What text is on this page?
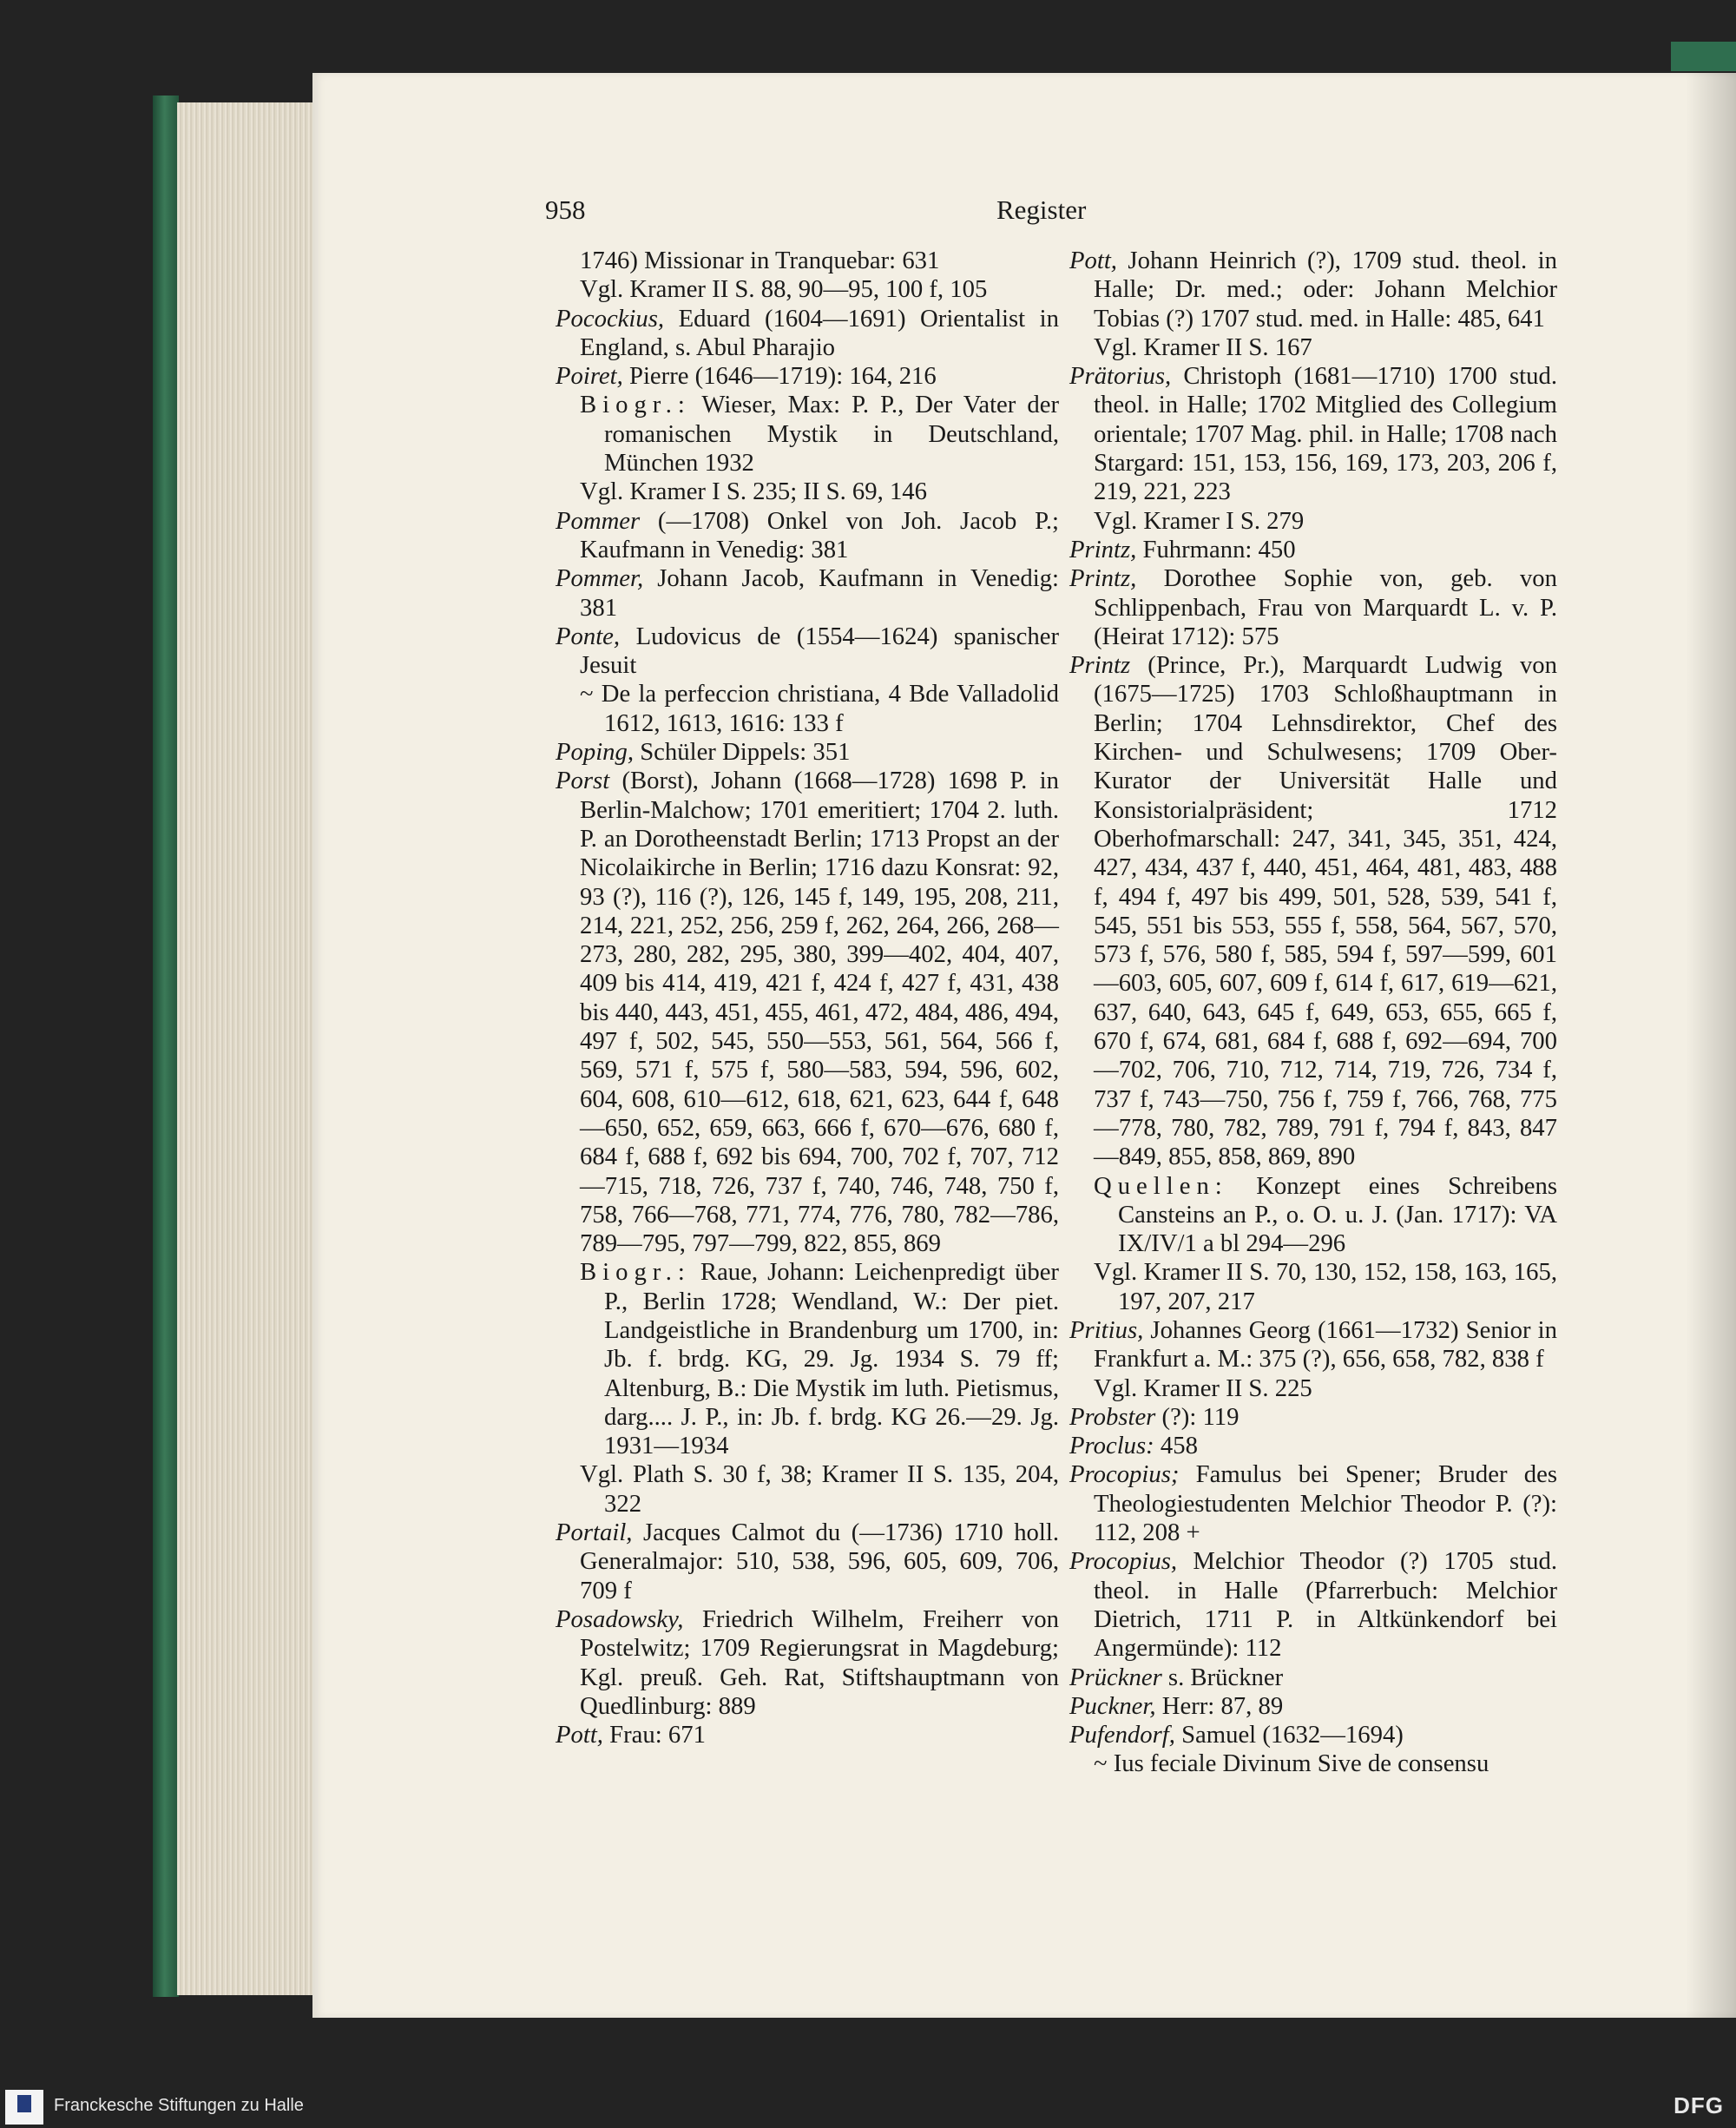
958	Register
1746) Missionar in Tranquebar: 631
Vgl. Kramer II S. 88, 90—95, 100 f, 105
Pocockius, Eduard (1604—1691) Orientalist in England, s. Abul Pharajio
Poiret, Pierre (1646—1719): 164, 216
Biogr.: Wieser, Max: P. P., Der Vater der romanischen Mystik in Deutschland, München 1932
Vgl. Kramer I S. 235; II S. 69, 146
Pommer (—1708) Onkel von Joh. Jacob P.; Kaufmann in Venedig: 381
Pommer, Johann Jacob, Kaufmann in Venedig: 381
Ponte, Ludovicus de (1554—1624) spanischer Jesuit
~ De la perfeccion christiana, 4 Bde Valladolid 1612, 1613, 1616: 133 f
Poping, Schüler Dippels: 351
Porst (Borst), Johann (1668—1728) 1698 P. in Berlin-Malchow; 1701 emeritiert; 1704 2. luth. P. an Dorotheenstadt Berlin; 1713 Propst an der Nicolaikirche in Berlin; 1716 dazu Konsrat: 92, 93 (?), 116 (?), 126, 145 f, 149, 195, 208, 211, 214, 221, 252, 256, 259 f, 262, 264, 266, 268—273, 280, 282, 295, 380, 399—402, 404, 407, 409 bis 414, 419, 421 f, 424 f, 427 f, 431, 438 bis 440, 443, 451, 455, 461, 472, 484, 486, 494, 497 f, 502, 545, 550—553, 561, 564, 566 f, 569, 571 f, 575 f, 580—583, 594, 596, 602, 604, 608, 610—612, 618, 621, 623, 644 f, 648—650, 652, 659, 663, 666 f, 670—676, 680 f, 684 f, 688 f, 692 bis 694, 700, 702 f, 707, 712—715, 718, 726, 737 f, 740, 746, 748, 750 f, 758, 766—768, 771, 774, 776, 780, 782—786, 789—795, 797—799, 822, 855, 869
Biogr.: Raue, Johann: Leichenpredigt über P., Berlin 1728; Wendland, W.: Der piet. Landgeistliche in Brandenburg um 1700, in: Jb. f. brdg. KG, 29. Jg. 1934 S. 79 ff; Altenburg, B.: Die Mystik im luth. Pietismus, darg.... J. P., in: Jb. f. brdg. KG 26.—29. Jg. 1931—1934
Vgl. Plath S. 30 f, 38; Kramer II S. 135, 204, 322
Portail, Jacques Calmot du (—1736) 1710 holl. Generalmajor: 510, 538, 596, 605, 609, 706, 709 f
Posadowsky, Friedrich Wilhelm, Freiherr von Postelwitz; 1709 Regierungsrat in Magdeburg; Kgl. preuß. Geh. Rat, Stiftshauptmann von Quedlinburg: 889
Pott, Frau: 671
Pott, Johann Heinrich (?), 1709 stud. theol. in Halle; Dr. med.; oder: Johann Melchior Tobias (?) 1707 stud. med. in Halle: 485, 641
Vgl. Kramer II S. 167
Prätorius, Christoph (1681—1710) 1700 stud. theol. in Halle; 1702 Mitglied des Collegium orientale; 1707 Mag. phil. in Halle; 1708 nach Stargard: 151, 153, 156, 169, 173, 203, 206 f, 219, 221, 223
Vgl. Kramer I S. 279
Printz, Fuhrmann: 450
Printz, Dorothee Sophie von, geb. von Schlippenbach, Frau von Marquardt L. v. P. (Heirat 1712): 575
Printz (Prince, Pr.), Marquardt Ludwig von (1675—1725) 1703 Schloßhauptmann in Berlin; 1704 Lehnsdirektor, Chef des Kirchen- und Schulwesens; 1709 Ober-Kurator der Universität Halle und Konsistorialpräsident; 1712 Oberhofmarschall: 247, 341, 345, 351, 424, 427, 434, 437 f, 440, 451, 464, 481, 483, 488 f, 494 f, 497 bis 499, 501, 528, 539, 541 f, 545, 551 bis 553, 555 f, 558, 564, 567, 570, 573 f, 576, 580 f, 585, 594 f, 597—599, 601—603, 605, 607, 609 f, 614 f, 617, 619—621, 637, 640, 643, 645 f, 649, 653, 655, 665 f, 670 f, 674, 681, 684 f, 688 f, 692—694, 700—702, 706, 710, 712, 714, 719, 726, 734 f, 737 f, 743—750, 756 f, 759 f, 766, 768, 775—778, 780, 782, 789, 791 f, 794 f, 843, 847—849, 855, 858, 869, 890
Quellen: Konzept eines Schreibens Cansteins an P., o. O. u. J. (Jan. 1717): VA IX/IV/1 a bl 294—296
Vgl. Kramer II S. 70, 130, 152, 158, 163, 165, 197, 207, 217
Pritius, Johannes Georg (1661—1732) Senior in Frankfurt a. M.: 375 (?), 656, 658, 782, 838 f
Vgl. Kramer II S. 225
Probster (?): 119
Proclus: 458
Procopius; Famulus bei Spener; Bruder des Theologiestudenten Melchior Theodor P. (?): 112, 208 +
Procopius, Melchior Theodor (?) 1705 stud. theol. in Halle (Pfarrerbuch: Melchior Dietrich, 1711 P. in Altkünkendorf bei Angermünde): 112
Prückner s. Brückner
Puckner, Herr: 87, 89
Pufendorf, Samuel (1632—1694)
~ Ius feciale Divinum Sive de consensu
Franckesche Stiftungen zu Halle	DFG
